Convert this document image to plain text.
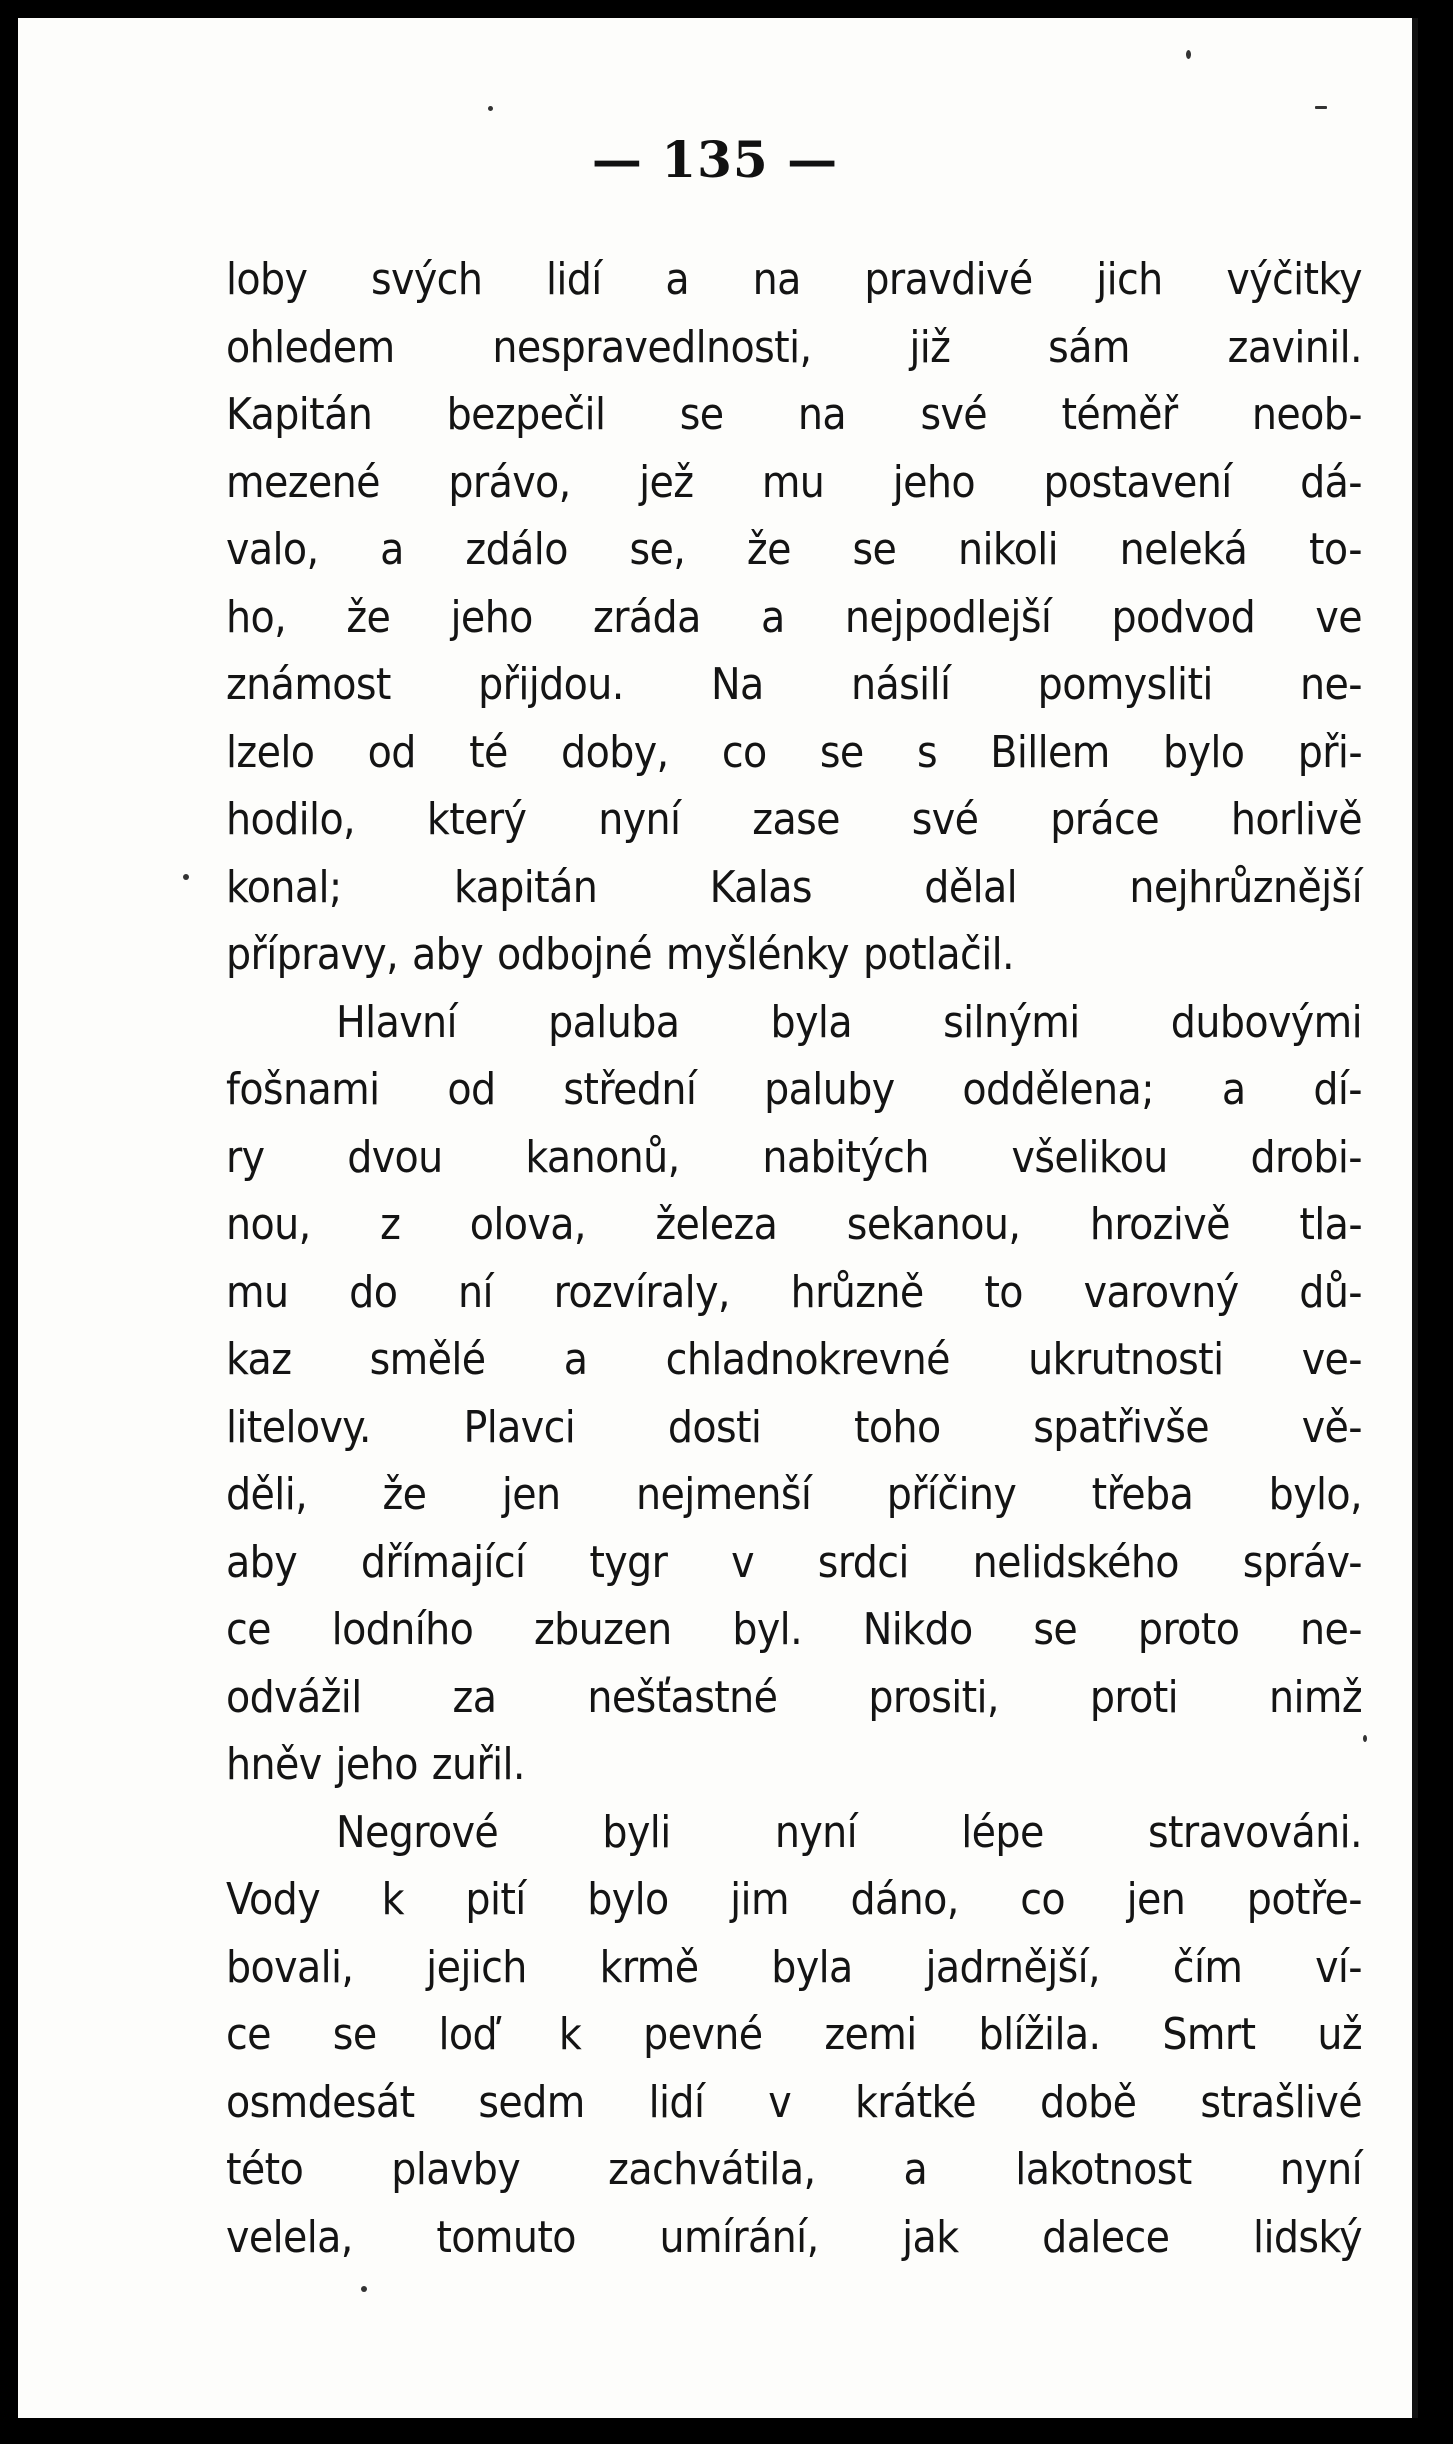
— 135 —
loby svých lidí a na pravdivé jich výčitky
ohledem nespravedlnosti, již sám zavinil.
Kapitán bezpečil se na své téměř neob-
mezené právo, jež mu jeho postavení dá-
valo, a zdálo se, že se nikoli neleká to-
ho, že jeho zráda a nejpodlejší podvod ve
známost přijdou. Na násilí pomysliti ne-
lzelo od té doby, co se s Billem bylo při-
hodilo, který nyní zase své práce horlivě
konal; kapitán Kalas dělal nejhrůznější
přípravy, aby odbojné myšlénky potlačil.
Hlavní paluba byla silnými dubovými
fošnami od střední paluby oddělena; a dí-
ry dvou kanonů, nabitých všelikou drobi-
nou, z olova, železa sekanou, hrozivě tla-
mu do ní rozvíraly, hrůzně to varovný dů-
kaz smělé a chladnokrevné ukrutnosti ve-
litelovy. Plavci dosti toho spatřivše vě-
děli, že jen nejmenší příčiny třeba bylo,
aby dřímající tygr v srdci nelidského správ-
ce lodního zbuzen byl. Nikdo se proto ne-
odvážil za nešťastné prositi, proti nimž
hněv jeho zuřil.
Negrové byli nyní lépe stravováni.
Vody k pití bylo jim dáno, co jen potře-
bovali, jejich krmě byla jadrnější, čím ví-
ce se loď k pevné zemi blížila. Smrt už
osmdesát sedm lidí v krátké době strašlivé
této plavby zachvátila, a lakotnost nyní
velela, tomuto umírání, jak dalece lidský
